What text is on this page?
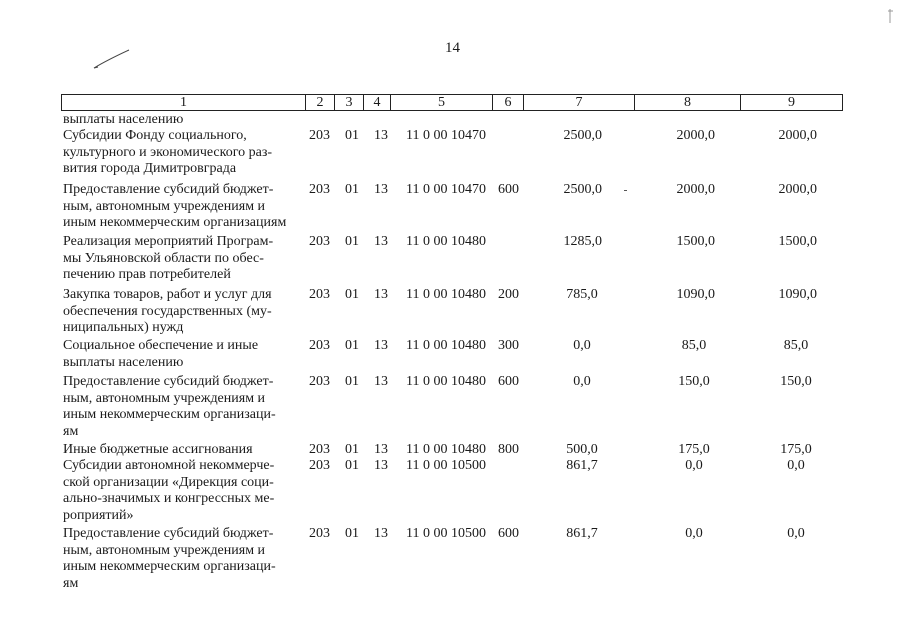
14
1	2	3	4	5	6	7	8	9
выплаты населению
Субсидии Фонду социального,
культурного и экономического раз-
вития города Димитровграда
203 01 13 11 0 00 10470	2500,0	2000,0	2000,0
Предоставление субсидий бюджет-
ным, автономным учреждениям и
иным некоммерческим организациям
203 01 13 11 0 00 10470 600	2500,0	2000,0	2000,0
Реализация мероприятий Програм-
мы Ульяновской области по обес-
печению прав потребителей
203 01 13 11 0 00 10480	1285,0	1500,0	1500,0
Закупка товаров, работ и услуг для
обеспечения государственных (му-
ниципальных) нужд
203 01 13 11 0 00 10480 200	785,0	1090,0	1090,0
Социальное обеспечение и иные
выплаты населению
203 01 13 11 0 00 10480 300	0,0	85,0	85,0
Предоставление субсидий бюджет-
ным, автономным учреждениям и
иным некоммерческим организаци-
ям
203 01 13 11 0 00 10480 600	0,0	150,0	150,0
Иные бюджетные ассигнования	203 01 13 11 0 00 10480 800	500,0	175,0	175,0
Субсидии автономной некоммерче-
ской организации «Дирекция соци-
ально-значимых и конгрессных ме-
роприятий»
203 01 13 11 0 00 10500	861,7	0,0	0,0
Предоставление субсидий бюджет-
ным, автономным учреждениям и
иным некоммерческим организаци-
ям
203 01 13 11 0 00 10500 600	861,7	0,0	0,0
